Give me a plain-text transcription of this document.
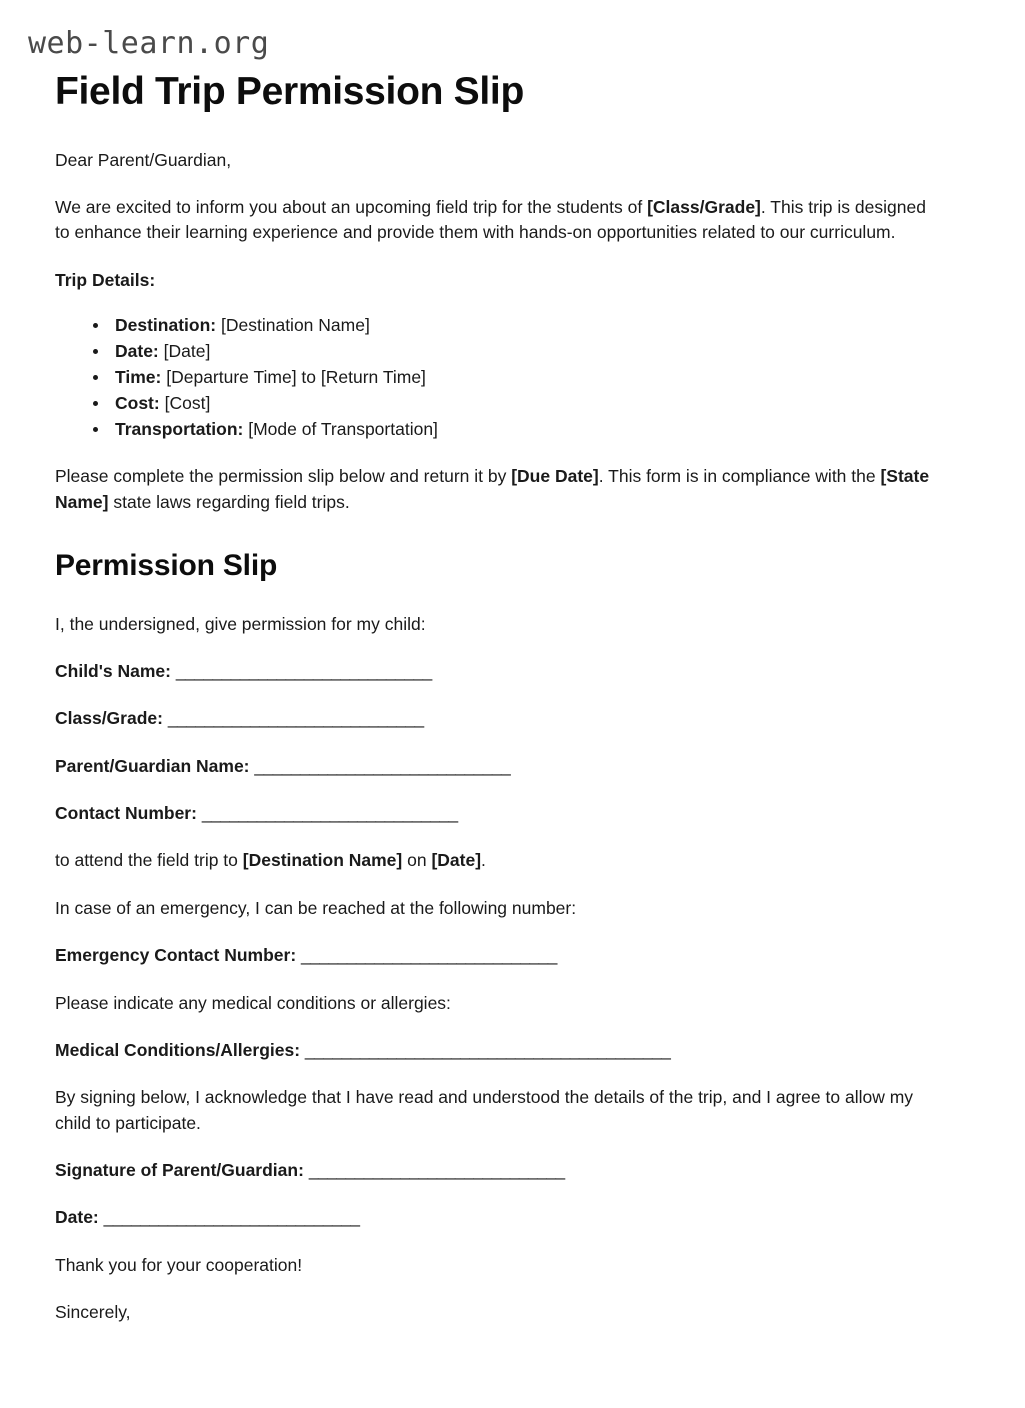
web-learn.org
Field Trip Permission Slip

Dear Parent/Guardian,

We are excited to inform you about an upcoming field trip for the students of [Class/Grade]. This trip is designed to enhance their learning experience and provide them with hands-on opportunities related to our curriculum.

Trip Details:

Destination: [Destination Name]
Date: [Date]
Time: [Departure Time] to [Return Time]
Cost: [Cost]
Transportation: [Mode of Transportation]

Please complete the permission slip below and return it by [Due Date]. This form is in compliance with the [State Name] state laws regarding field trips.

Permission Slip

I, the undersigned, give permission for my child:

Child's Name: ____________________________

Class/Grade: ____________________________

Parent/Guardian Name: ____________________________

Contact Number: ____________________________

to attend the field trip to [Destination Name] on [Date].

In case of an emergency, I can be reached at the following number:

Emergency Contact Number: ____________________________

Please indicate any medical conditions or allergies:

Medical Conditions/Allergies: ________________________________________

By signing below, I acknowledge that I have read and understood the details of the trip, and I agree to allow my child to participate.

Signature of Parent/Guardian: ____________________________

Date: ____________________________

Thank you for your cooperation!

Sincerely,
